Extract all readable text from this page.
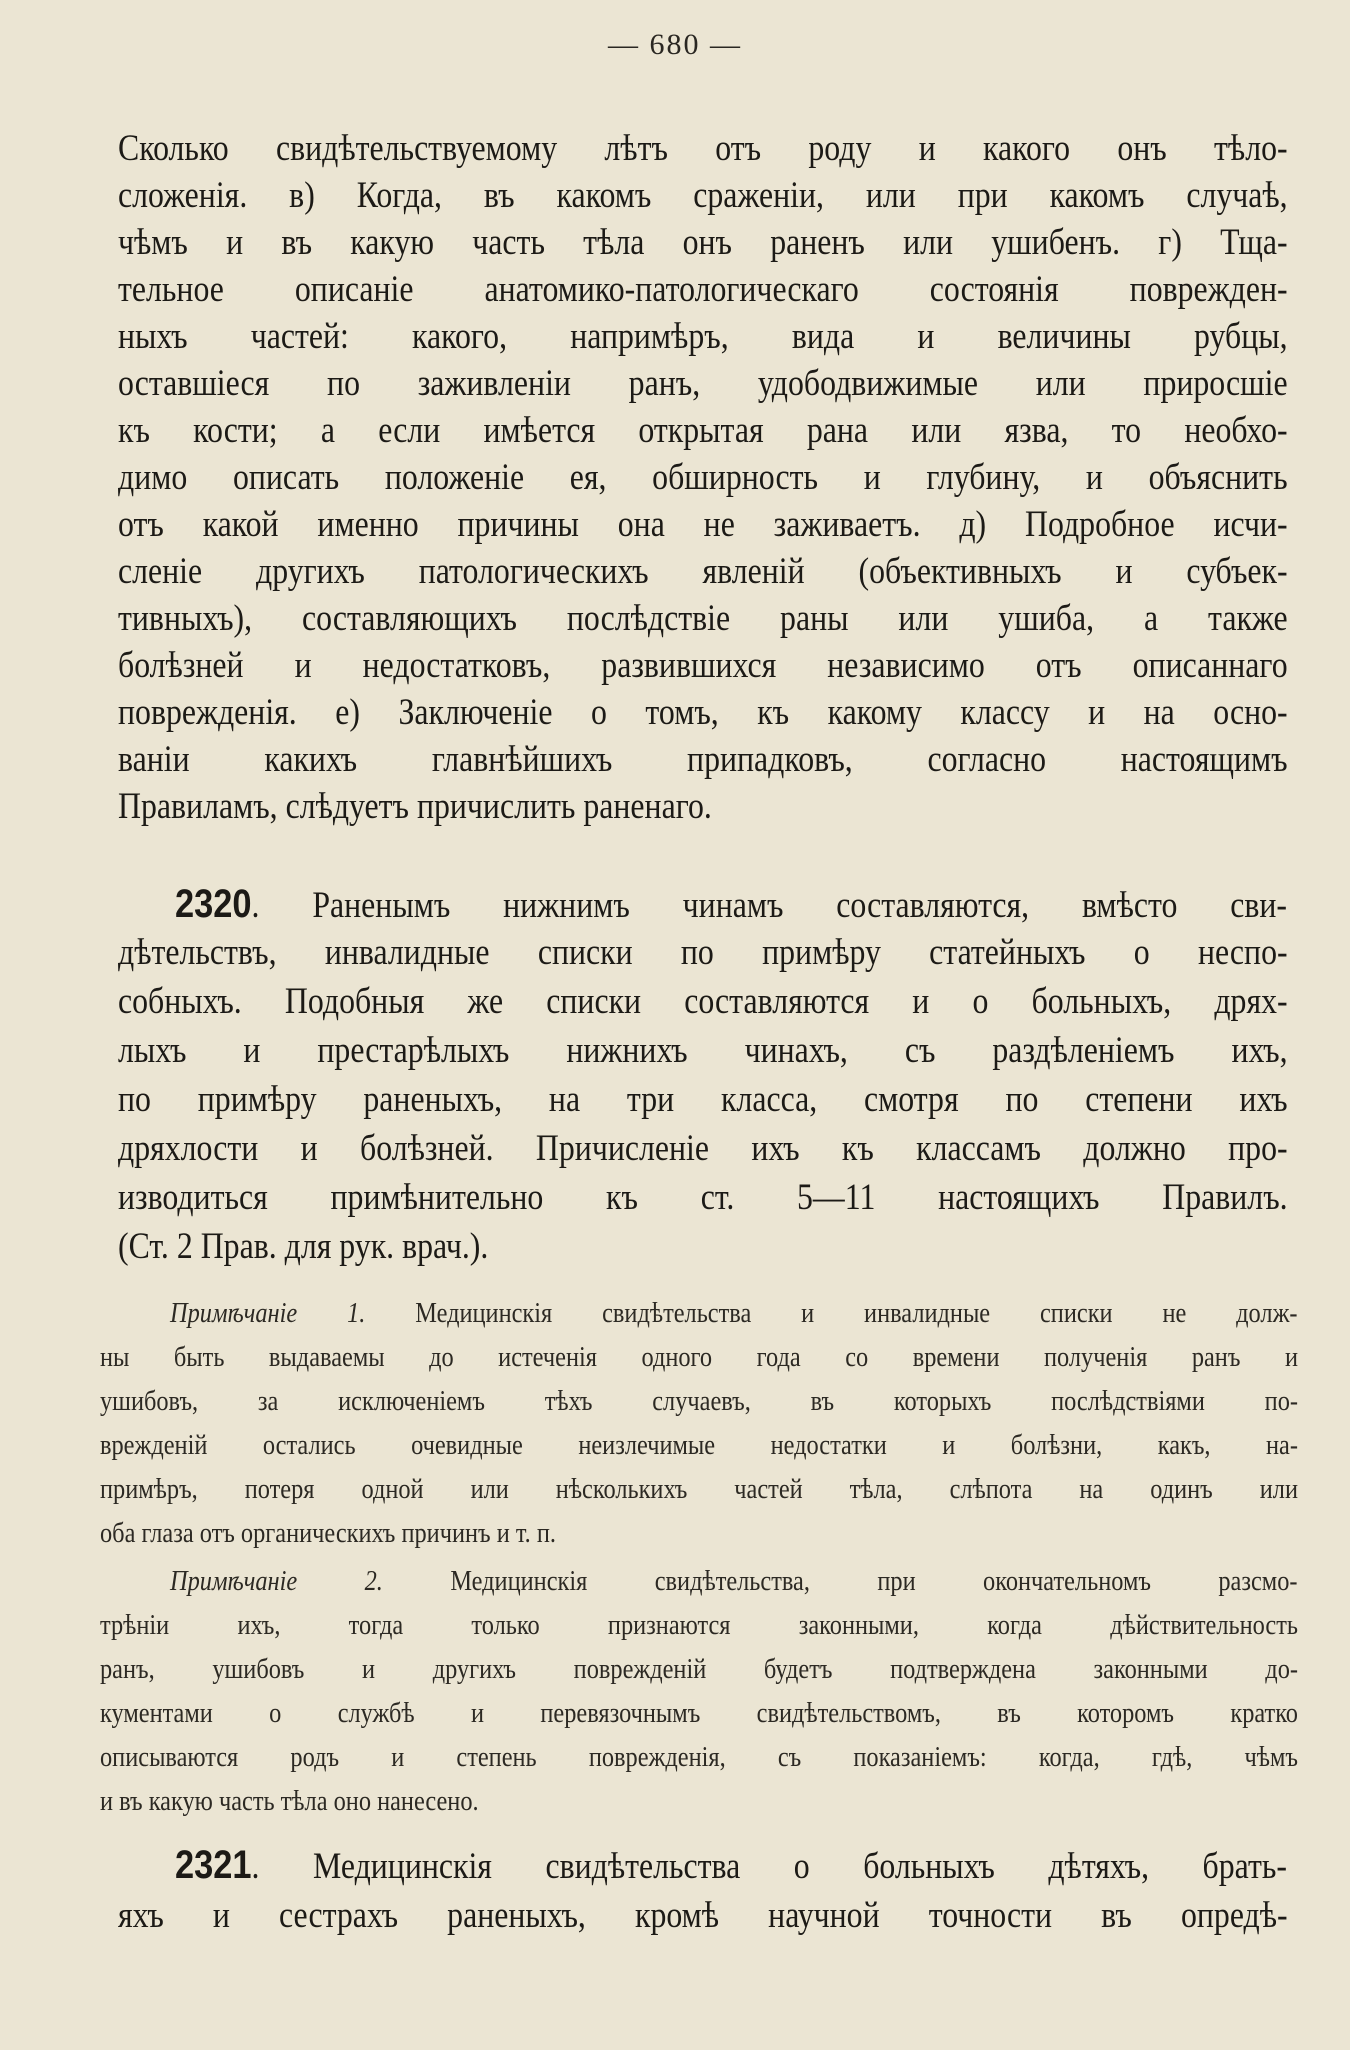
— 680 —
Сколько свидѣтельствуемому лѣтъ отъ роду и какого онъ тѣло-
сложенія. в) Когда, въ какомъ сраженіи, или при какомъ случаѣ,
чѣмъ и въ какую часть тѣла онъ раненъ или ушибенъ. г) Тща-
тельное описаніе анатомико-патологическаго состоянія поврежден-
ныхъ частей: какого, напримѣръ, вида и величины рубцы,
оставшіеся по заживленіи ранъ, удободвижимые или приросшіе
къ кости; а если имѣется открытая рана или язва, то необхо-
димо описать положеніе ея, обширность и глубину, и объяснить
отъ какой именно причины она не заживаетъ. д) Подробное исчи-
сленіе другихъ патологическихъ явленій (объективныхъ и субъек-
тивныхъ), составляющихъ послѣдствіе раны или ушиба, а также
болѣзней и недостатковъ, развившихся независимо отъ описаннаго
поврежденія. е) Заключеніе о томъ, къ какому классу и на осно-
ваніи какихъ главнѣйшихъ припадковъ, согласно настоящимъ
Правиламъ, слѣдуетъ причислить раненаго.
2320. Раненымъ нижнимъ чинамъ составляются, вмѣсто сви-
дѣтельствъ, инвалидные списки по примѣру статейныхъ о неспо-
собныхъ. Подобныя же списки составляются и о больныхъ, дрях-
лыхъ и престарѣлыхъ нижнихъ чинахъ, съ раздѣленіемъ ихъ,
по примѣру раненыхъ, на три класса, смотря по степени ихъ
дряхлости и болѣзней. Причисленіе ихъ къ классамъ должно про-
изводиться примѣнительно къ ст. 5—11 настоящихъ Правилъ.
(Ст. 2 Прав. для рук. врач.).
Примѣчаніе 1. Медицинскія свидѣтельства и инвалидные списки не долж-
ны быть выдаваемы до истеченія одного года со времени полученія ранъ и
ушибовъ, за исключеніемъ тѣхъ случаевъ, въ которыхъ послѣдствіями по-
врежденій остались очевидные неизлечимые недостатки и болѣзни, какъ, на-
примѣръ, потеря одной или нѣсколькихъ частей тѣла, слѣпота на одинъ или
оба глаза отъ органическихъ причинъ и т. п.
Примѣчаніе 2. Медицинскія свидѣтельства, при окончательномъ разсмо-
трѣніи ихъ, тогда только признаются законными, когда дѣйствительность
ранъ, ушибовъ и другихъ поврежденій будетъ подтверждена законными до-
кументами о службѣ и перевязочнымъ свидѣтельствомъ, въ которомъ кратко
описываются родъ и степень поврежденія, съ показаніемъ: когда, гдѣ, чѣмъ
и въ какую часть тѣла оно нанесено.
2321. Медицинскія свидѣтельства о больныхъ дѣтяхъ, брать-
яхъ и сестрахъ раненыхъ, кромѣ научной точности въ опредѣ-
